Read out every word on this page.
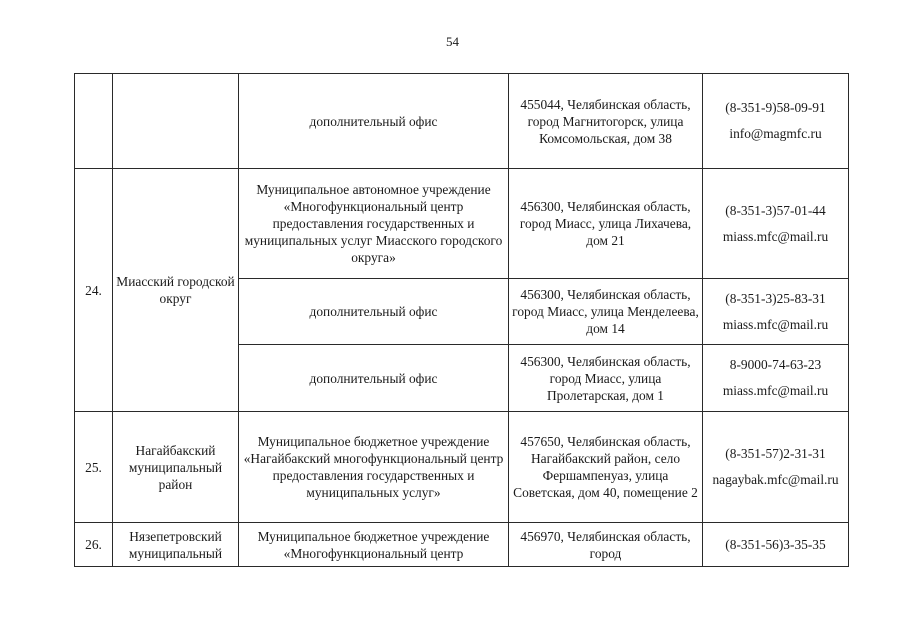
54
		дополнительный офис	455044, Челябинская область, город Магнитогорск, улица Комсомольская, дом 38	(8-351-9)58-09-91
info@magmfc.ru

24.	Миасский городской округ	Муниципальное автономное учреждение «Многофункциональный центр предоставления государственных и муниципальных услуг Миасского городского округа»	456300, Челябинская область, город Миасс, улица Лихачева, дом 21	(8-351-3)57-01-44
miass.mfc@mail.ru

		дополнительный офис	456300, Челябинская область, город Миасс, улица Менделеева, дом 14	(8-351-3)25-83-31
miass.mfc@mail.ru

		дополнительный офис	456300, Челябинская область, город Миасс, улица Пролетарская, дом 1	8-9000-74-63-23
miass.mfc@mail.ru

25.	Нагайбакский муниципальный район	Муниципальное бюджетное учреждение «Нагайбакский многофункциональный центр предоставления государственных и муниципальных услуг»	457650, Челябинская область, Нагайбакский район, село Фершампенуаз, улица Советская, дом 40, помещение 2	(8-351-57)2-31-31
nagaybak.mfc@mail.ru

26.	Нязепетровский муниципальный	Муниципальное бюджетное учреждение «Многофункциональный центр	456970, Челябинская область, город	(8-351-56)3-35-35
